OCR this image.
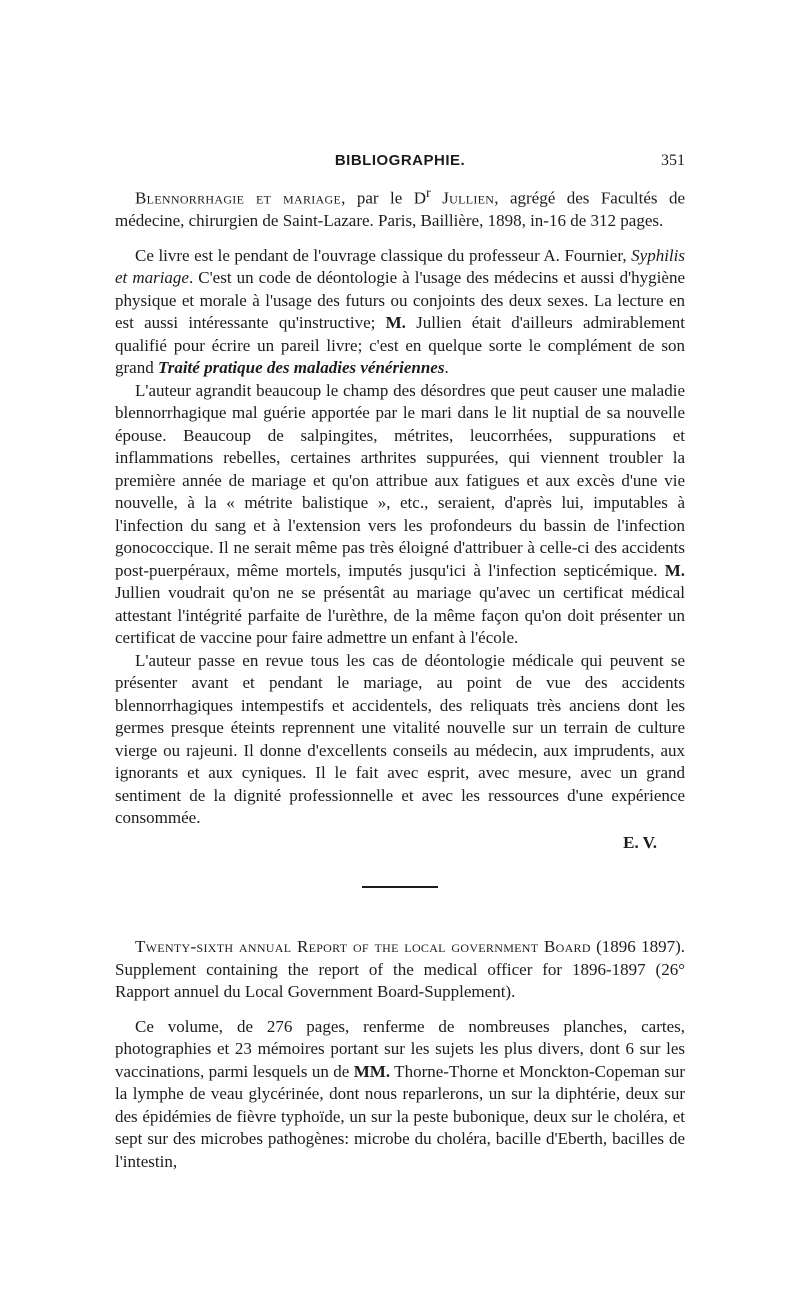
BIBLIOGRAPHIE.	351

Blennorrhagie et mariage, par le $D^r$ Jullien, agrégé des Facultés de médecine, chirurgien de Saint-Lazare. Paris, Baillière, 1898, in-16 de 312 pages.

Ce livre est le pendant de l'ouvrage classique du professeur A. Fournier, Syphilis et mariage. C'est un code de déontologie à l'usage des médecins et aussi d'hygiène physique et morale à l'usage des futurs ou conjoints des deux sexes. La lecture en est aussi intéressante qu'instructive; M. Jullien était d'ailleurs admirablement qualifié pour écrire un pareil livre; c'est en quelque sorte le complément de son grand Traité pratique des maladies vénériennes.

L'auteur agrandit beaucoup le champ des désordres que peut causer une maladie blennorrhagique mal guérie apportée par le mari dans le lit nuptial de sa nouvelle épouse. Beaucoup de salpingites, métrites, leucorrhées, suppurations et inflammations rebelles, certaines arthrites suppurées, qui viennent troubler la première année de mariage et qu'on attribue aux fatigues et aux excès d'une vie nouvelle, à la « métrite balistique », etc., seraient, d'après lui, imputables à l'infection du sang et à l'extension vers les profondeurs du bassin de l'infection gonococcique. Il ne serait même pas très éloigné d'attribuer à celle-ci des accidents post-puerpéraux, même mortels, imputés jusqu'ici à l'infection septicémique. M. Jullien voudrait qu'on ne se présentât au mariage qu'avec un certificat médical attestant l'intégrité parfaite de l'urèthre, de la même façon qu'on doit présenter un certificat de vaccine pour faire admettre un enfant à l'école.

L'auteur passe en revue tous les cas de déontologie médicale qui peuvent se présenter avant et pendant le mariage, au point de vue des accidents blennorrhagiques intempestifs et accidentels, des reliquats très anciens dont les germes presque éteints reprennent une vitalité nouvelle sur un terrain de culture vierge ou rajeuni. Il donne d'excellents conseils au médecin, aux imprudents, aux ignorants et aux cyniques. Il le fait avec esprit, avec mesure, avec un grand sentiment de la dignité professionnelle et avec les ressources d'une expérience consommée.

E. V.

Twenty-sixth annual Report of the local government Board (1896 1897). Supplement containing the report of the medical officer for 1896-1897 (26° Rapport annuel du Local Government Board-Supplement).

Ce volume, de 276 pages, renferme de nombreuses planches, cartes, photographies et 23 mémoires portant sur les sujets les plus divers, dont 6 sur les vaccinations, parmi lesquels un de MM. Thorne-Thorne et Monckton-Copeman sur la lymphe de veau glycérinée, dont nous reparlerons, un sur la diphtérie, deux sur des épidémies de fièvre typhoïde, un sur la peste bubonique, deux sur le choléra, et sept sur des microbes pathogènes: microbe du choléra, bacille d'Eberth, bacilles de l'intestin,
